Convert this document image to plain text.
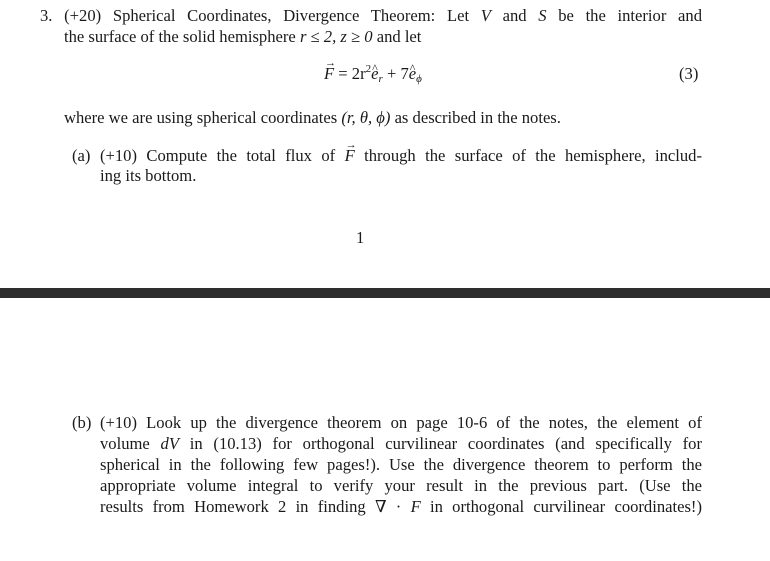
3. (+20) Spherical Coordinates, Divergence Theorem: Let V and S be the interior and
the surface of the solid hemisphere r ≤ 2, z ≥ 0 and let
→ $F = 2r^2\^{}$ $e_r$ + 7^ $e_\phi$	(3)
where we are using spherical coordinates (r, θ, ϕ) as described in the notes.
(a) (+10) Compute the total flux of → F through the surface of the hemisphere, includ-
ing its bottom.
1
(b) (+10) Look up the divergence theorem on page 10-6 of the notes, the element of
volume dV in (10.13) for orthogonal curvilinear coordinates (and specifically for
spherical in the following few pages!). Use the divergence theorem to perform the
appropriate volume integral to verify your result in the previous part. (Use the
results from Homework 2 in finding ∇ · F in orthogonal curvilinear coordinates!)
